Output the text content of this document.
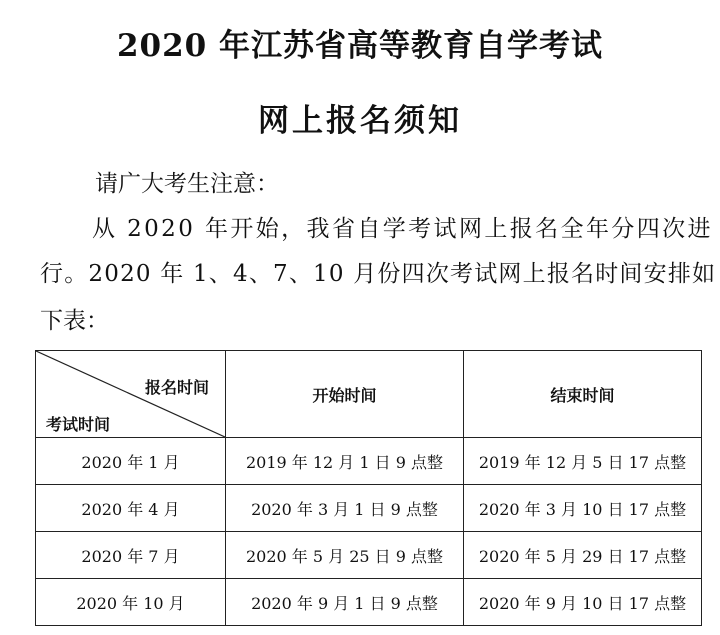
2020 年江苏省高等教育自学考试
网上报名须知
请广大考生注意：
从 2020 年开始，我省自学考试网上报名全年分四次进
行。2020 年 1、4、7、10 月份四次考试网上报名时间安排如
下表：
报名时间
考试时间	开始时间	结束时间
2020 年 1 月	2019 年 12 月 1 日 9 点整	2019 年 12 月 5 日 17 点整
2020 年 4 月	2020 年 3 月 1 日 9 点整	2020 年 3 月 10 日 17 点整
2020 年 7 月	2020 年 5 月 25 日 9 点整	2020 年 5 月 29 日 17 点整
2020 年 10 月	2020 年 9 月 1 日 9 点整	2020 年 9 月 10 日 17 点整
